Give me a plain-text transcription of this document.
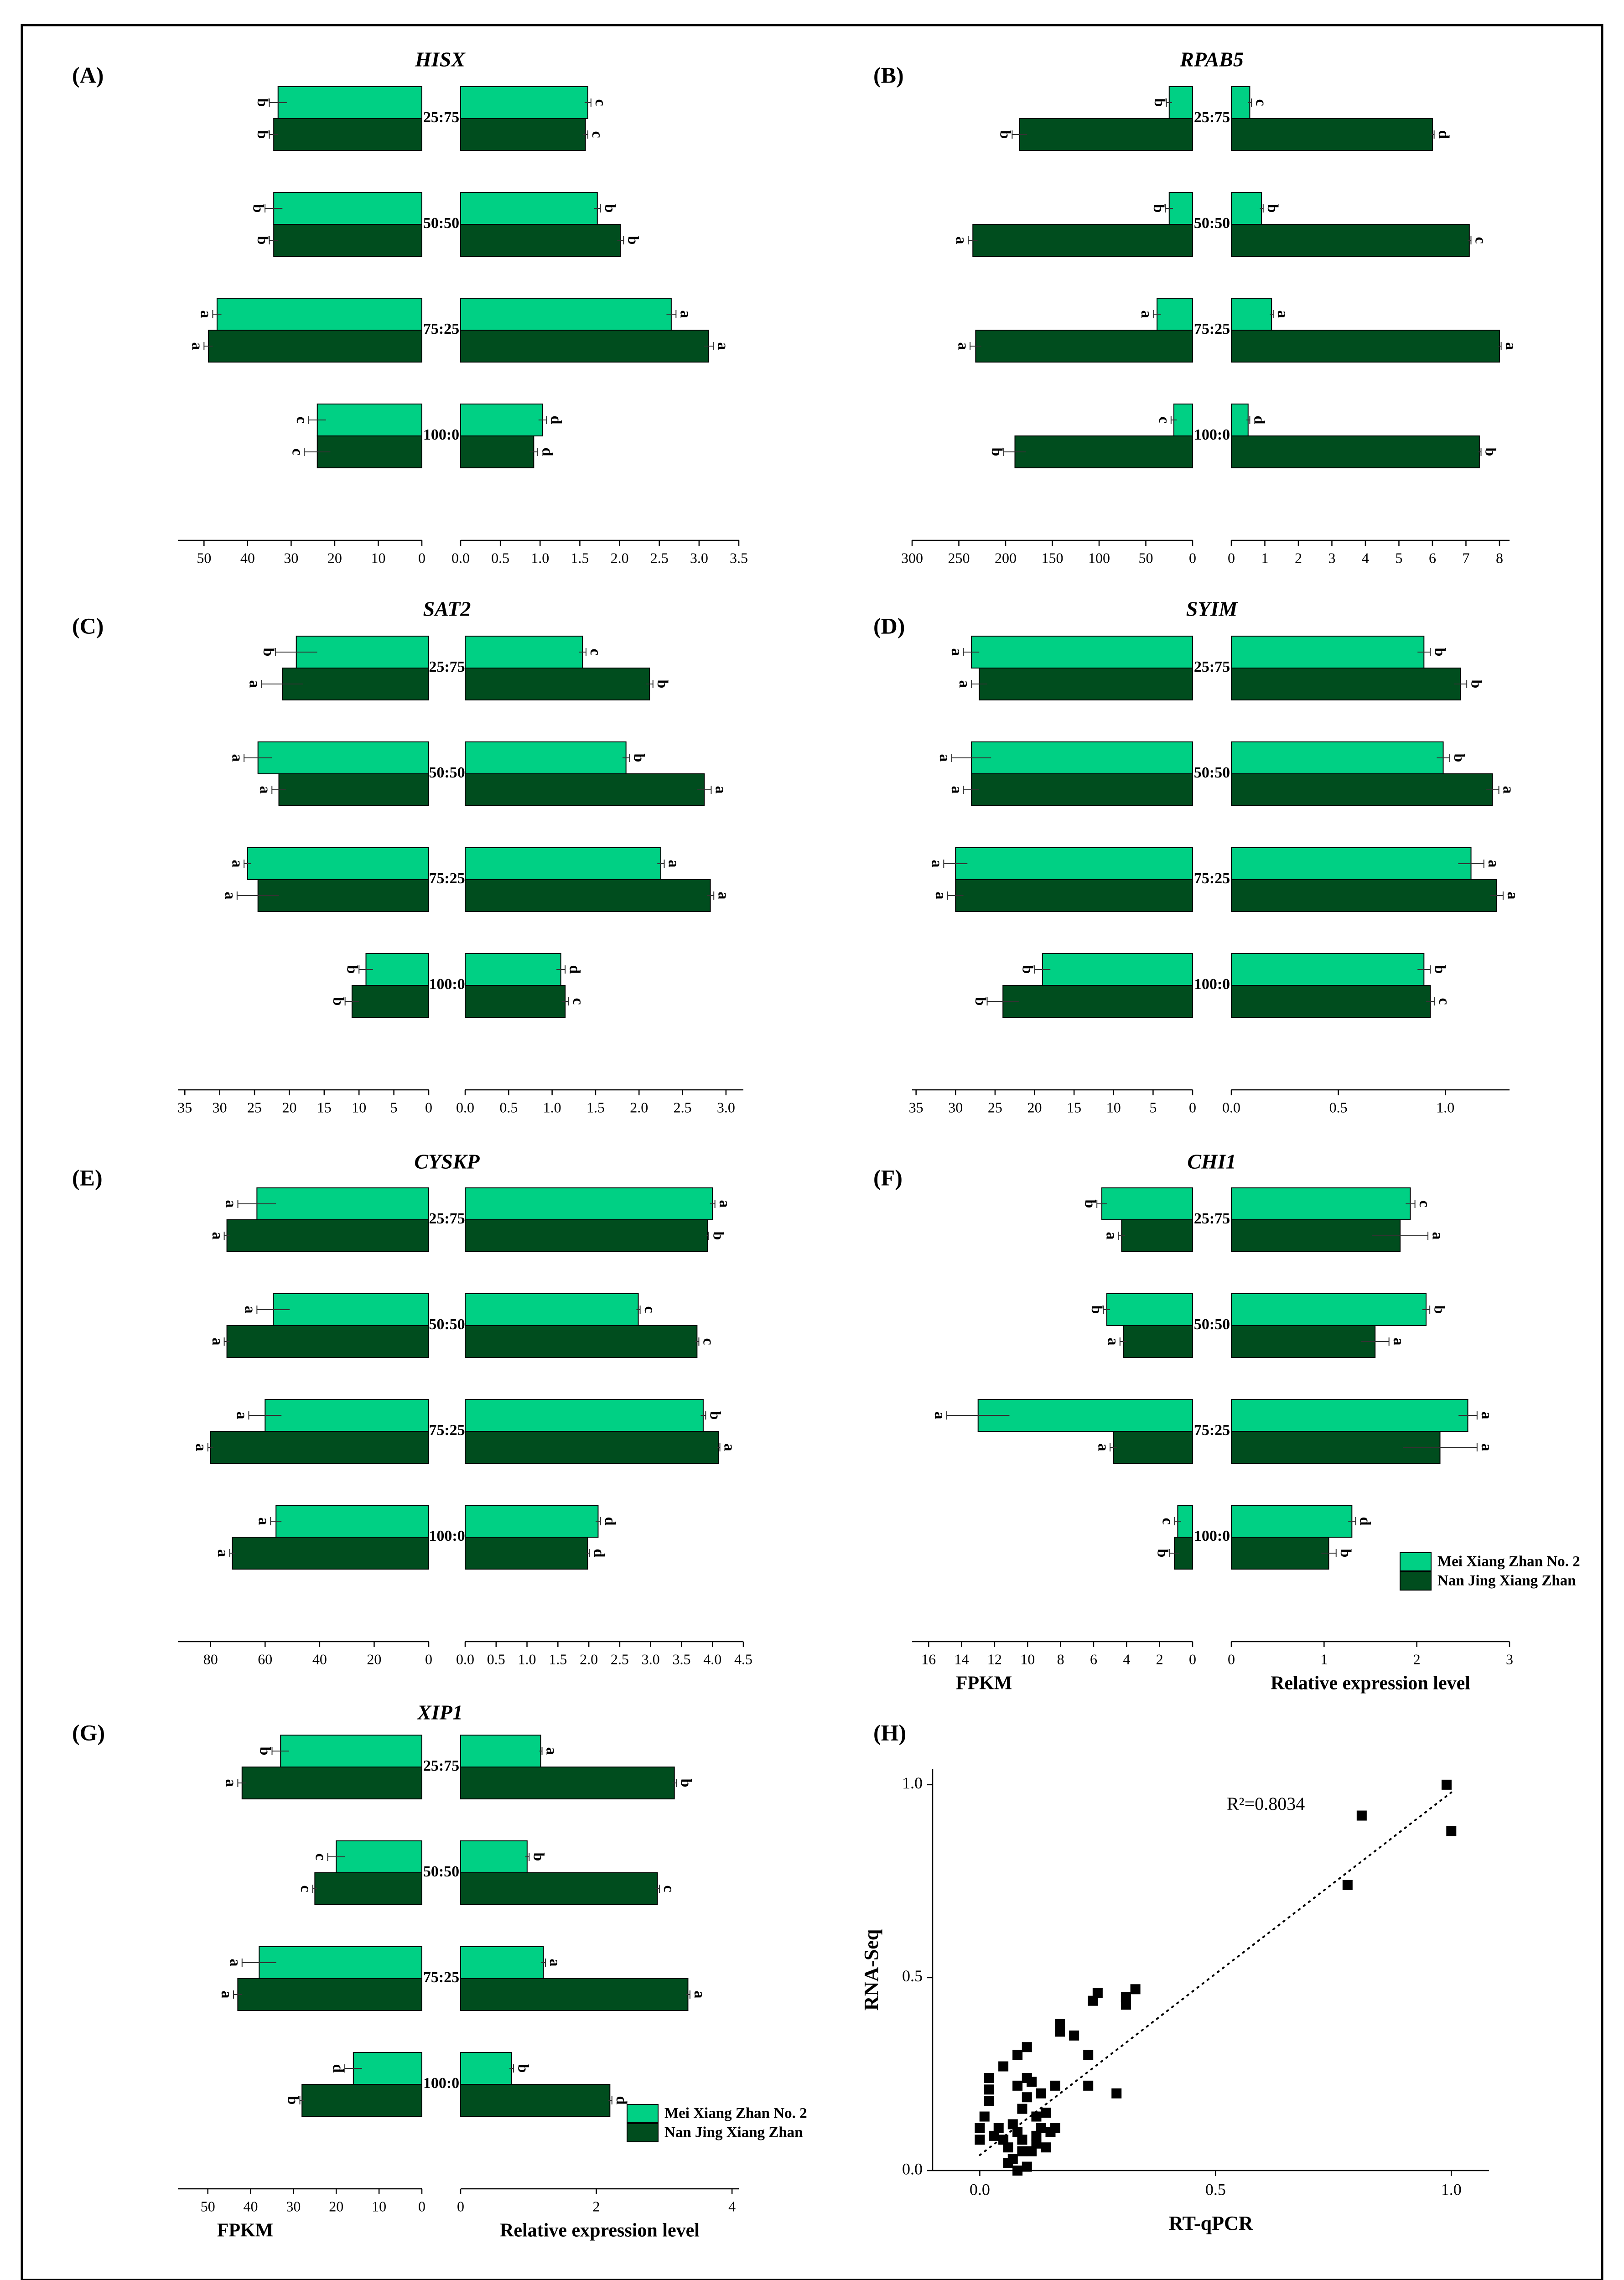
(A)
HISX
b	c
b	c
25:75
b	b
b	b
50:50
a	a
a	a
75:25
c	d
c	d
100:0
50 40 30 20 10 0 0.0 0.5 1.0 1.5 2.0 2.5 3.0 3.5
(B)
RPAB5
b	c
b	d
25:75
b	b
a	c
50:50
a	a
a	a
75:25
c	d
b	b
100:0
300 250 200 150 100 50 0 0 1 2 3 4 5 6 7 8
(C)
SAT2
b	c
a	b
25:75
a	b
a	a
50:50
a	a
a	a
75:25
b	d
b	c
100:0
35 30 25 20 15 10 5 0 0.0 0.5 1.0 1.5 2.0 2.5 3.0
(D)
SYIM
a	b
a	b
25:75
a	b
a	a
50:50
a	a
a	a
75:25
b	b
b	c
100:0
35 30 25 20 15 10 5 0 0.0	0.5	1.0
(E)
CYSKP
a	a
a	b
25:75
a	c
a	c
50:50
a	b
a	a
75:25
a	d
a	d
100:0
80	60	40	20	0 0.0 0.5 1.0 1.5 2.0 2.5 3.0 3.5 4.0 4.5
(F)
CHI1
b	c
a	a
25:75
b	b
a	a
50:50
a	a
a	a
75:25
c	d
b	b
100:0
16 14 12 10 8 6 4 2 0 0	1	2	3
FPKM	Relative expression level
Mei Xiang Zhan No. 2
Nan Jing Xiang Zhan
(G)
XIP1
b	a
a	b
25:75
c	b
c	c
50:50
a	a
a	a
75:25
d	b
b	d
100:0
50 40 30 20 10 0 0	2	4
FPKM	Relative expression level
Mei Xiang Zhan No. 2
Nan Jing Xiang Zhan
(H)
0.0	0.5	1.0
0.0
0.5
1.0
RT-qPCR
RNA-Seq
R²=0.8034
